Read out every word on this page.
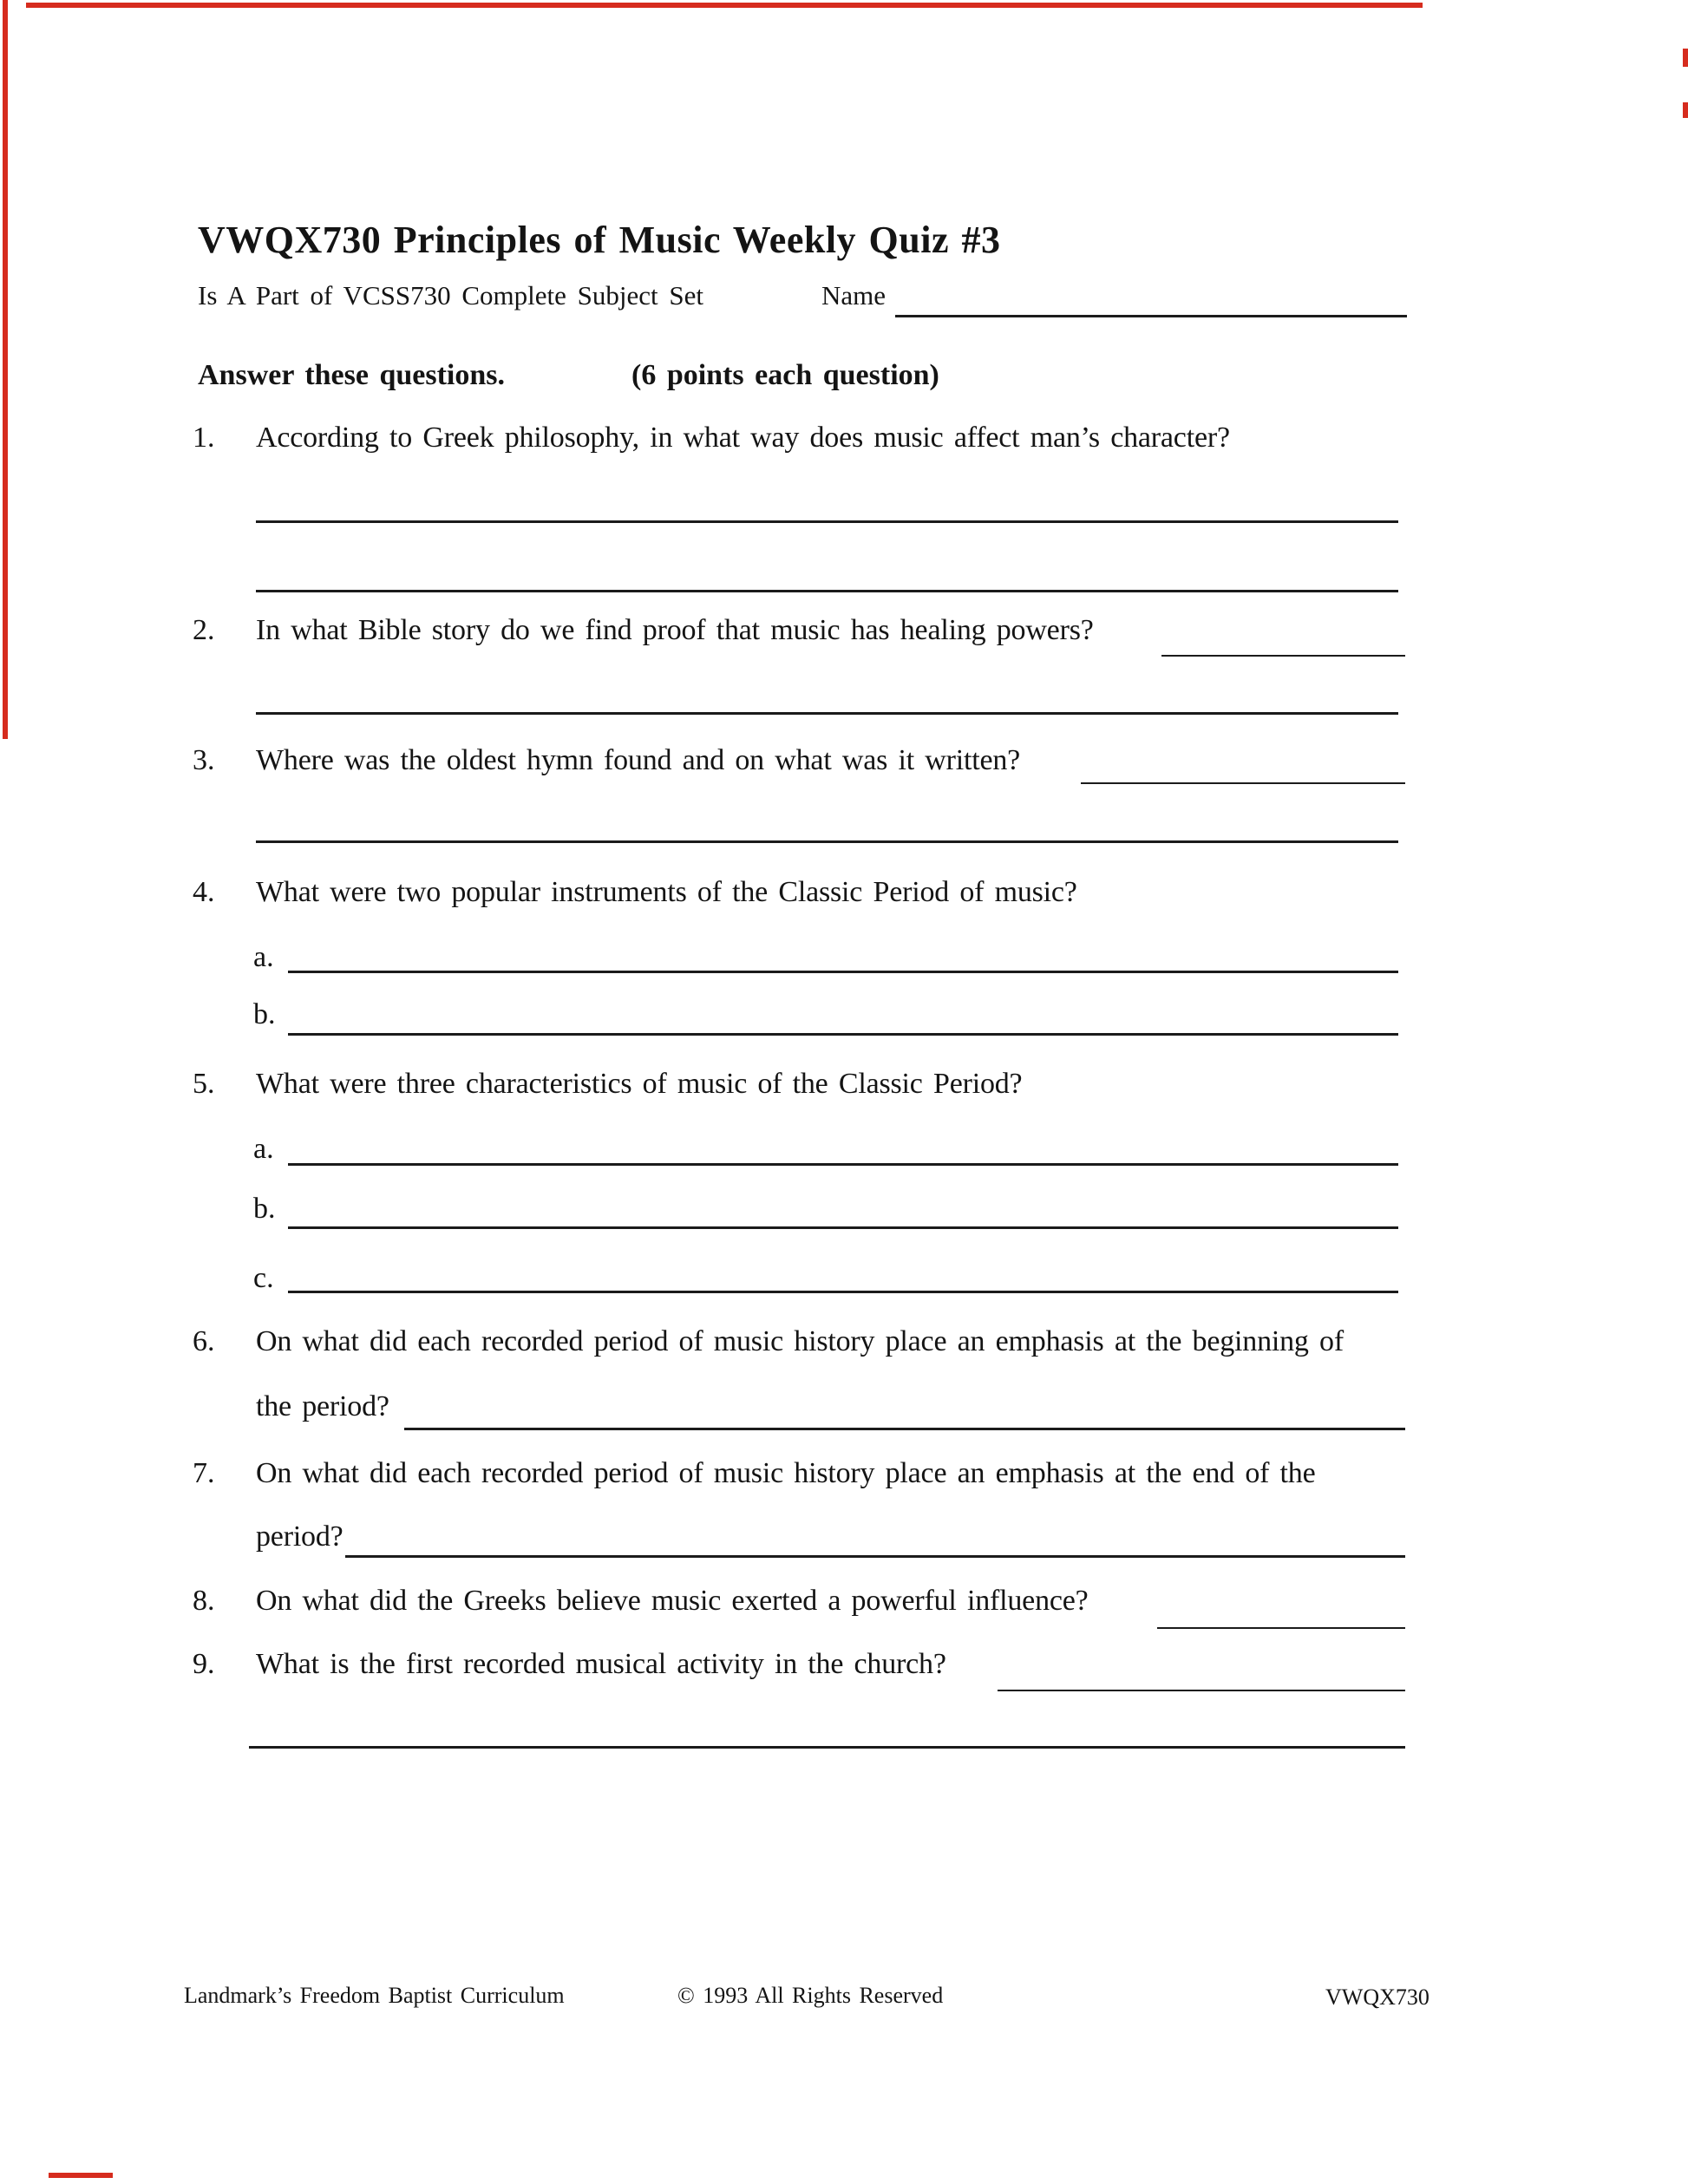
VWQX730 Principles of Music Weekly Quiz #3
Is A Part of VCSS730 Complete Subject Set	Name
Answer these questions.	(6 points each question)
1. According to Greek philosophy, in what way does music affect man’s character?
2. In what Bible story do we find proof that music has healing powers?
3. Where was the oldest hymn found and on what was it written?
4. What were two popular instruments of the Classic Period of music?
a.
b.
5. What were three characteristics of music of the Classic Period?
a.
b.
c.
6. On what did each recorded period of music history place an emphasis at the beginning of
the period?
7. On what did each recorded period of music history place an emphasis at the end of the
period?
8. On what did the Greeks believe music exerted a powerful influence?
9. What is the first recorded musical activity in the church?
Landmark’s Freedom Baptist Curriculum	© 1993 All Rights Reserved	VWQX730
